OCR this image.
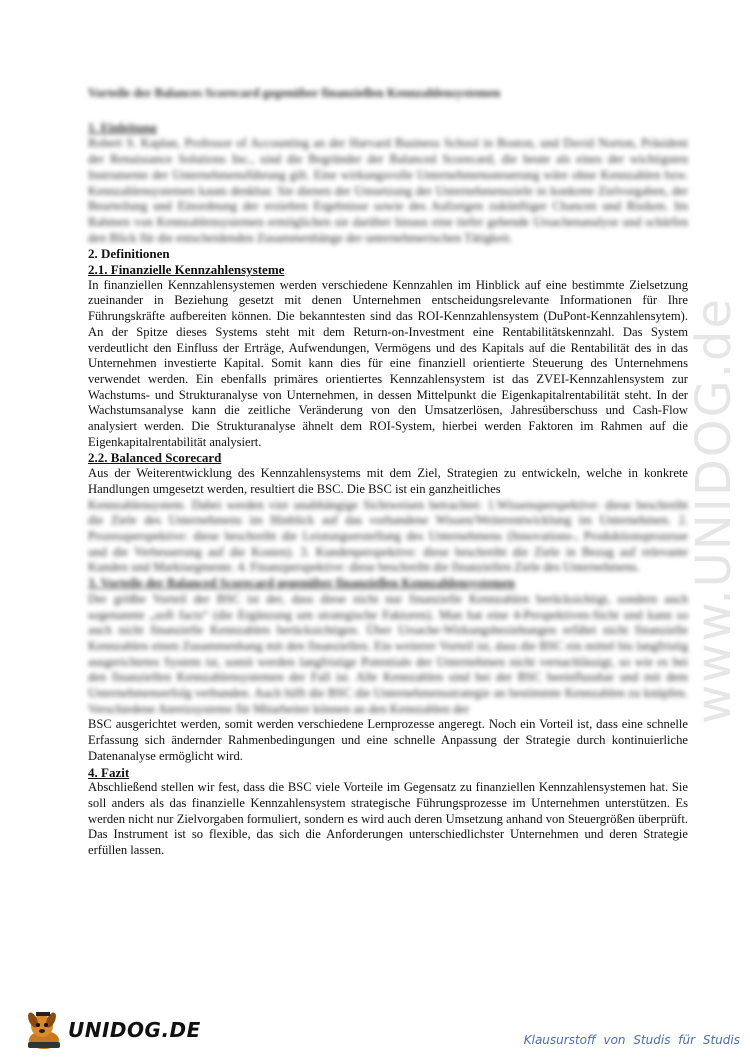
www.UNIDOG.de
Vorteile der Balances Scorecard gegenüber finanziellen Kennzahlensystemen
1. Einleitung

Robert S. Kaplan, Professor of Accounting an der Harvard Business School in Boston, und David Norton, Präsident der Renaissance Solutions Inc., sind die Begründer der Balanced Scorecard, die heute als eines der wichtigsten Instrumente der Unternehmensführung gilt. Eine wirkungsvolle Unternehmenssteuerung wäre ohne Kennzahlen bzw. Kennzahlensystemen kaum denkbar. Sie dienen der Umsetzung der Unternehmensziele in konkrete Zielvorgaben, der Beurteilung und Einordnung der erzielten Ergebnisse sowie des Aufzeigen zukünftiger Chancen und Risiken. Im Rahmen von Kennzahlensystemen ermöglichen sie darüber hinaus eine tiefer gehende Ursachenanalyse und schärfen den Blick für die entscheidenden Zusammenhänge der unternehmerischen Tätigkeit.

2. Definitionen
2.1. Finanzielle Kennzahlensysteme

In finanziellen Kennzahlensystemen werden verschiedene Kennzahlen im Hinblick auf eine bestimmte Zielsetzung zueinander in Beziehung gesetzt mit denen Unternehmen entscheidungsrelevante Informationen für Ihre Führungskräfte aufbereiten können. Die bekanntesten sind das ROI-Kennzahlensystem (DuPont-Kennzahlensytem). An der Spitze dieses Systems steht mit dem Return-on-Investment eine Rentabilitätskennzahl. Das System verdeutlicht den Einfluss der Erträge, Aufwendungen, Vermögens und des Kapitals auf die Rentabilität des in das Unternehmen investierte Kapital. Somit kann dies für eine finanziell orientierte Steuerung des Unternehmens verwendet werden. Ein ebenfalls primäres orientiertes Kennzahlensystem ist das ZVEI-Kennzahlensystem zur Wachstums- und Strukturanalyse von Unternehmen, in dessen Mittelpunkt die Eigenkapitalrentabilität steht. In der Wachstumsanalyse kann die zeitliche Veränderung von den Umsatzerlösen, Jahresüberschuss und Cash-Flow analysiert werden. Die Strukturanalyse ähnelt dem ROI-System, hierbei werden Faktoren im Rahmen auf die Eigenkapitalrentabilität analysiert.

2.2. Balanced Scorecard

Aus der Weiterentwicklung des Kennzahlensystems mit dem Ziel, Strategien zu entwickeln, welche in konkrete Handlungen umgesetzt werden, resultiert die BSC. Die BSC ist ein ganzheitliches

Kennzahlensystem. Dabei werden vier unabhängige Sichtweisen betrachtet: 1.Wissensperspektive: diese beschreibt die Ziele des Unternehmens im Hinblick auf das vorhandene Wissen/Weiterentwicklung im Unternehmen. 2. Prozessperspektive: diese beschreibt die Leistungserstellung des Unternehmens (Innovations-, Produktionsprozesse und die Verbesserung auf die Kosten). 3. Kundenperspektive: diese beschreibt die Ziele in Bezug auf relevante Kunden und Marktsegmente. 4. Finanzperspektive: diese beschreibt die finanziellen Ziele des Unternehmens.

3. Vorteile der Balanced Scorecard gegenüber finanziellen Kennzahlensystemen

Der größte Vorteil der BSC ist der, dass diese nicht nur finanzielle Kennzahlen berücksichtigt, sondern auch sogenannte „soft facts“ (die Ergänzung um strategische Faktoren). Man hat eine 4-Perspektiven-Sicht und kann so auch nicht finanzielle Kennzahlen berücksichtigen. Über Ursache-Wirkungsbeziehungen erfährt nicht finanzielle Kennzahlen einen Zusammenhang mit den finanziellen. Ein weiterer Vorteil ist, dass die BSC ein mittel bis langfristig ausgerichtetes System ist, somit werden langfristige Potentiale der Unternehmen nicht vernachlässigt, so wie es bei den finanziellen Kennzahlensystemen der Fall ist. Alle Kennzahlen sind bei der BSC beeinflussbar und mit dem Unternehmenserfolg verbunden. Auch hilft die BSC die Unternehmensstrategie an bestimmte Kennzahlen zu knüpfen. Verschiedene Anreizsysteme für Mitarbeiter können an den Kennzahlen der

BSC ausgerichtet werden, somit werden verschiedene Lernprozesse angeregt. Noch ein Vorteil ist, dass eine schnelle Erfassung sich ändernder Rahmenbedingungen und eine schnelle Anpassung der Strategie durch kontinuierliche Datenanalyse ermöglicht wird.

4. Fazit

Abschließend stellen wir fest, dass die BSC viele Vorteile im Gegensatz zu finanziellen Kennzahlensystemen hat. Sie soll anders als das finanzielle Kennzahlensystem strategische Führungsprozesse im Unternehmen unterstützen. Es werden nicht nur Zielvorgaben formuliert, sondern es wird auch deren Umsetzung anhand von Steuergrößen überprüft. Das Instrument ist so flexible, das sich die Anforderungen unterschiedlichster Unternehmen und deren Strategie erfüllen lassen.

UNIDOG.DE	Klausurstoff von Studis für Studis
